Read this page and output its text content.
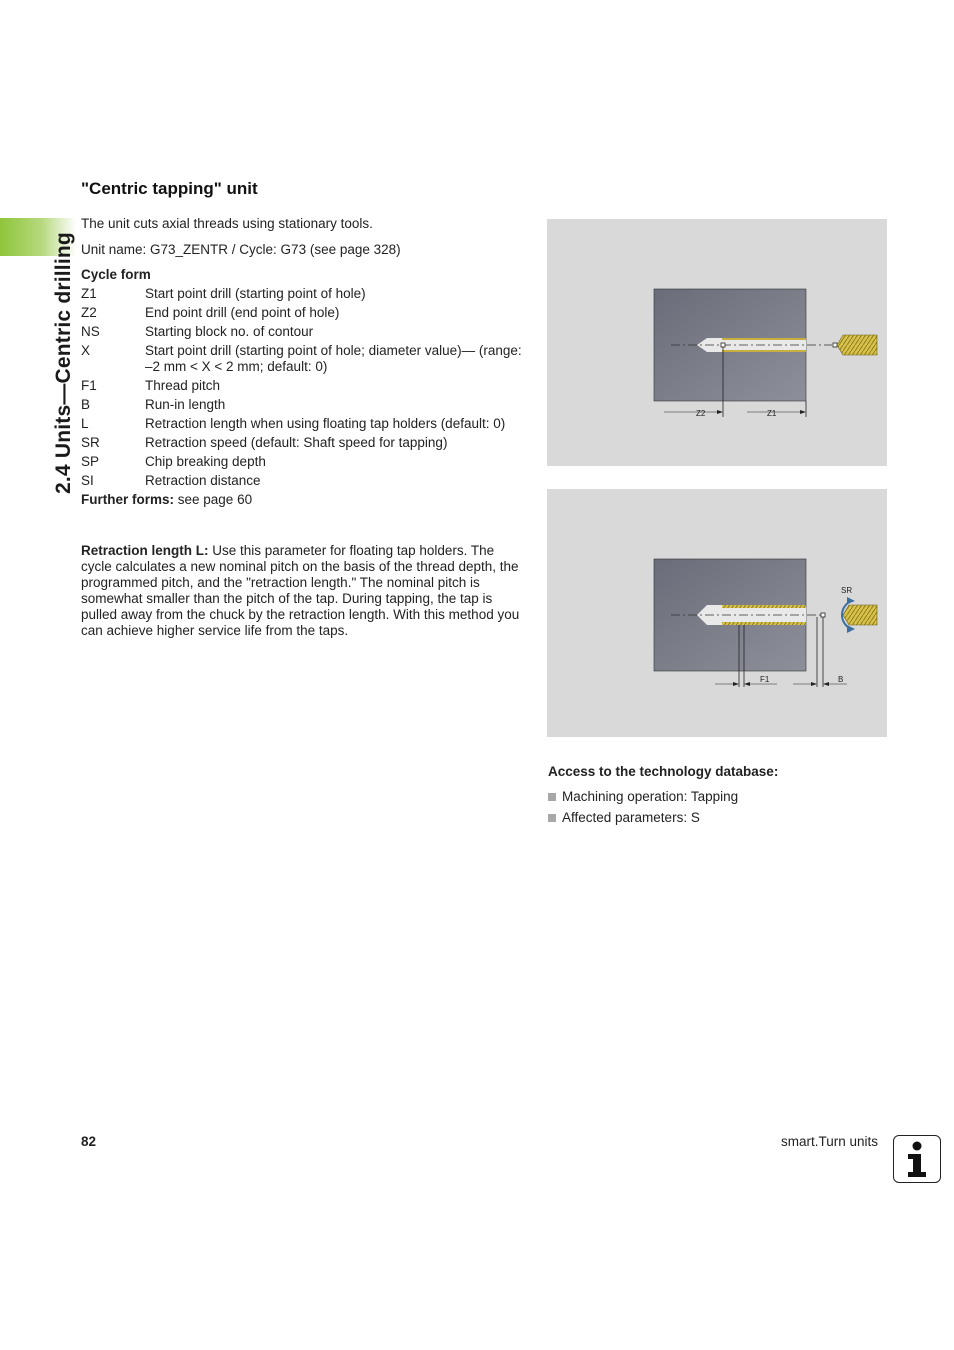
2.4 Units—Centric drilling
"Centric tapping" unit
The unit cuts axial threads using stationary tools.
Unit name: G73_ZENTR / Cycle: G73 (see page 328)
Cycle form
Z1	Start point drill (starting point of hole)
Z2	End point drill (end point of hole)
NS	Starting block no. of contour
X	Start point drill (starting point of hole; diameter value)— (range: –2 mm < X < 2 mm; default: 0)
F1	Thread pitch
B	Run-in length
L	Retraction length when using floating tap holders (default: 0)
SR	Retraction speed (default: Shaft speed for tapping)
SP	Chip breaking depth
SI	Retraction distance
Further forms: see page 60
Retraction length L: Use this parameter for floating tap holders. The cycle calculates a new nominal pitch on the basis of the thread depth, the programmed pitch, and the "retraction length." The nominal pitch is somewhat smaller than the pitch of the tap. During tapping, the tap is pulled away from the chuck by the retraction length. With this method you can achieve higher service life from the taps.
Z2	Z1
SR
F1	B
Access to the technology database:
Machining operation: Tapping
Affected parameters: S
82	smart.Turn units
